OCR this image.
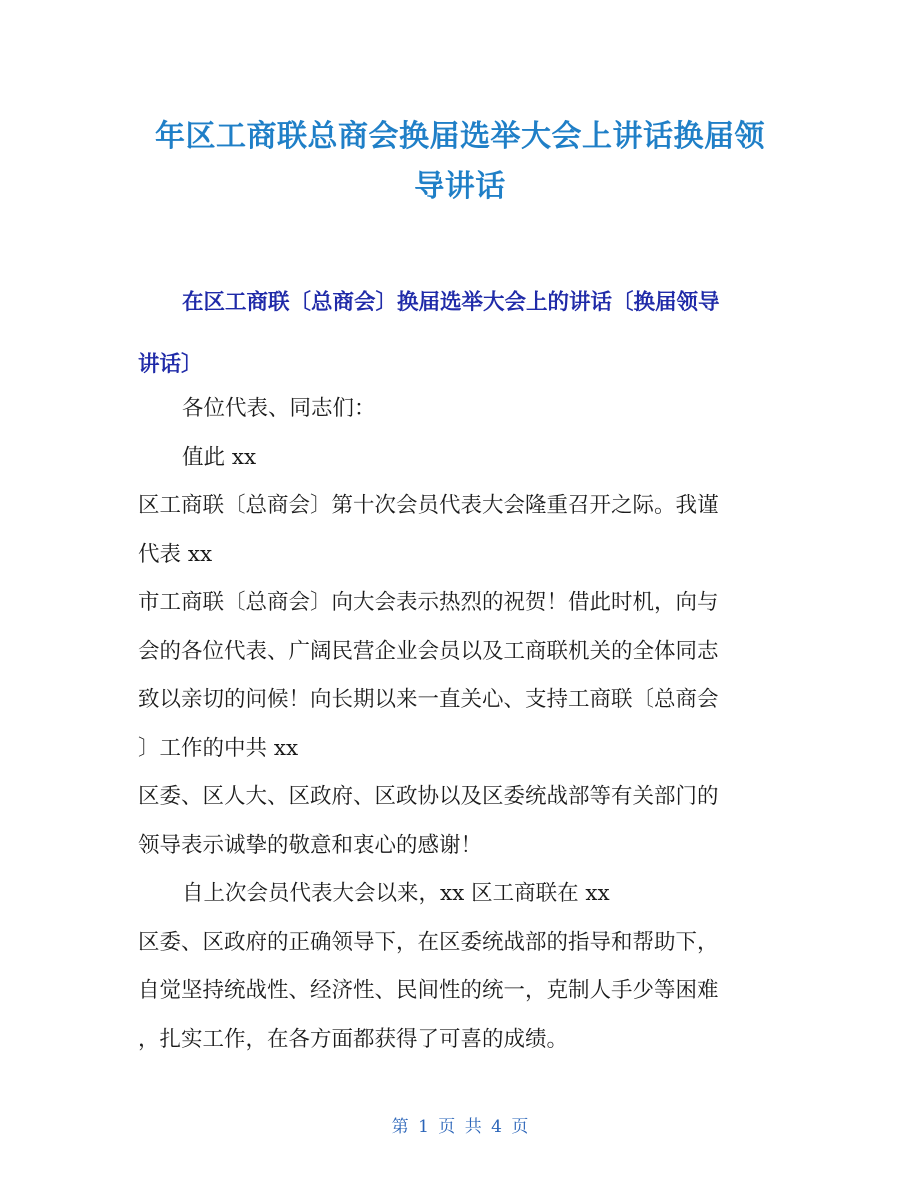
年区工商联总商会换届选举大会上讲话换届领
导讲话
在区工商联〔总商会〕换届选举大会上的讲话〔换届领导
讲话〕

各位代表、同志们：

值此 xx
区工商联〔总商会〕第十次会员代表大会隆重召开之际。我谨
代表 xx
市工商联〔总商会〕向大会表示热烈的祝贺！借此时机，向与
会的各位代表、广阔民营企业会员以及工商联机关的全体同志
致以亲切的问候！向长期以来一直关心、支持工商联〔总商会
〕工作的中共 xx
区委、区人大、区政府、区政协以及区委统战部等有关部门的
领导表示诚挚的敬意和衷心的感谢！

自上次会员代表大会以来，xx 区工商联在 xx
区委、区政府的正确领导下，在区委统战部的指导和帮助下，
自觉坚持统战性、经济性、民间性的统一，克制人手少等困难
，扎实工作，在各方面都获得了可喜的成绩。

第 1 页 共 4 页
